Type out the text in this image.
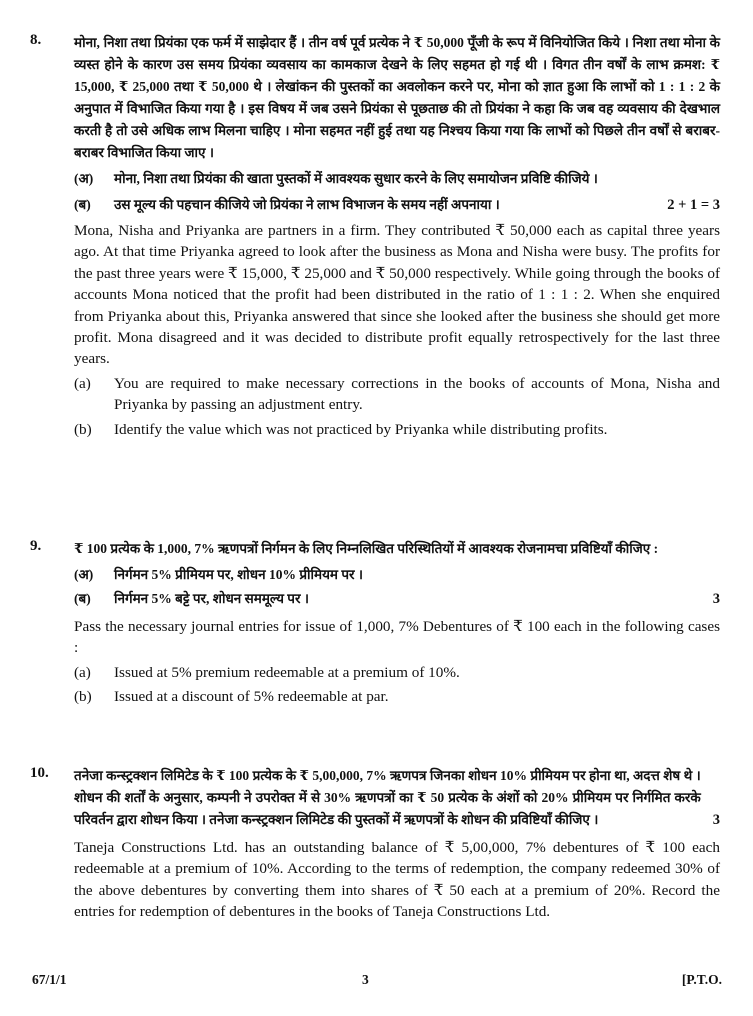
8. मोना, निशा तथा प्रियंका एक फर्म में साझेदार हैं । तीन वर्ष पूर्व प्रत्येक ने ₹ 50,000 पूँजी के रूप में विनियोजित किये । निशा तथा मोना के व्यस्त होने के कारण उस समय प्रियंका व्यवसाय का कामकाज देखने के लिए सहमत हो गई थी । विगत तीन वर्षों के लाभ क्रमश: ₹ 15,000, ₹ 25,000 तथा ₹ 50,000 थे । लेखांकन की पुस्तकों का अवलोकन करने पर, मोना को ज्ञात हुआ कि लाभों को 1 : 1 : 2 के अनुपात में विभाजित किया गया है । इस विषय में जब उसने प्रियंका से पूछताछ की तो प्रियंका ने कहा कि जब वह व्यवसाय की देखभाल करती है तो उसे अधिक लाभ मिलना चाहिए । मोना सहमत नहीं हुई तथा यह निश्चय किया गया कि लाभों को पिछले तीन वर्षों से बराबर-बराबर विभाजित किया जाए ।
(अ)	मोना, निशा तथा प्रियंका की खाता पुस्तकों में आवश्यक सुधार करने के लिए समायोजन प्रविष्टि कीजिये ।
(ब)	उस मूल्य की पहचान कीजिये जो प्रियंका ने लाभ विभाजन के समय नहीं अपनाया ।	2 + 1 = 3
Mona, Nisha and Priyanka are partners in a firm. They contributed ₹ 50,000 each as capital three years ago. At that time Priyanka agreed to look after the business as Mona and Nisha were busy. The profits for the past three years were ₹ 15,000, ₹ 25,000 and ₹ 50,000 respectively. While going through the books of accounts Mona noticed that the profit had been distributed in the ratio of 1 : 1 : 2. When she enquired from Priyanka about this, Priyanka answered that since she looked after the business she should get more profit. Mona disagreed and it was decided to distribute profit equally retrospectively for the last three years.
(a)	You are required to make necessary corrections in the books of accounts of Mona, Nisha and Priyanka by passing an adjustment entry.
(b)	Identify the value which was not practiced by Priyanka while distributing profits.
9. ₹ 100 प्रत्येक के 1,000, 7% ऋणपत्रों निर्गमन के लिए निम्नलिखित परिस्थितियों में आवश्यक रोजनामचा प्रविष्टियाँ कीजिए :
(अ)	निर्गमन 5% प्रीमियम पर, शोधन 10% प्रीमियम पर ।
(ब)	निर्गमन 5% बट्टे पर, शोधन सममूल्य पर ।	3
Pass the necessary journal entries for issue of 1,000, 7% Debentures of ₹ 100 each in the following cases :
(a)	Issued at 5% premium redeemable at a premium of 10%.
(b)	Issued at a discount of 5% redeemable at par.
10. तनेजा कन्स्ट्रक्शन लिमिटेड के ₹ 100 प्रत्येक के ₹ 5,00,000, 7% ऋणपत्र जिनका शोधन 10% प्रीमियम पर होना था, अदत्त शेष थे । शोधन की शर्तों के अनुसार, कम्पनी ने उपरोक्त में से 30% ऋणपत्रों का ₹ 50 प्रत्येक के अंशों को 20% प्रीमियम पर निर्गमित करके परिवर्तन द्वारा शोधन किया । तनेजा कन्स्ट्रक्शन लिमिटेड की पुस्तकों में ऋणपत्रों के शोधन की प्रविष्टियाँ कीजिए ।	3
Taneja Constructions Ltd. has an outstanding balance of ₹ 5,00,000, 7% debentures of ₹ 100 each redeemable at a premium of 10%. According to the terms of redemption, the company redeemed 30% of the above debentures by converting them into shares of ₹ 50 each at a premium of 20%. Record the entries for redemption of debentures in the books of Taneja Constructions Ltd.
67/1/1	3	[P.T.O.
